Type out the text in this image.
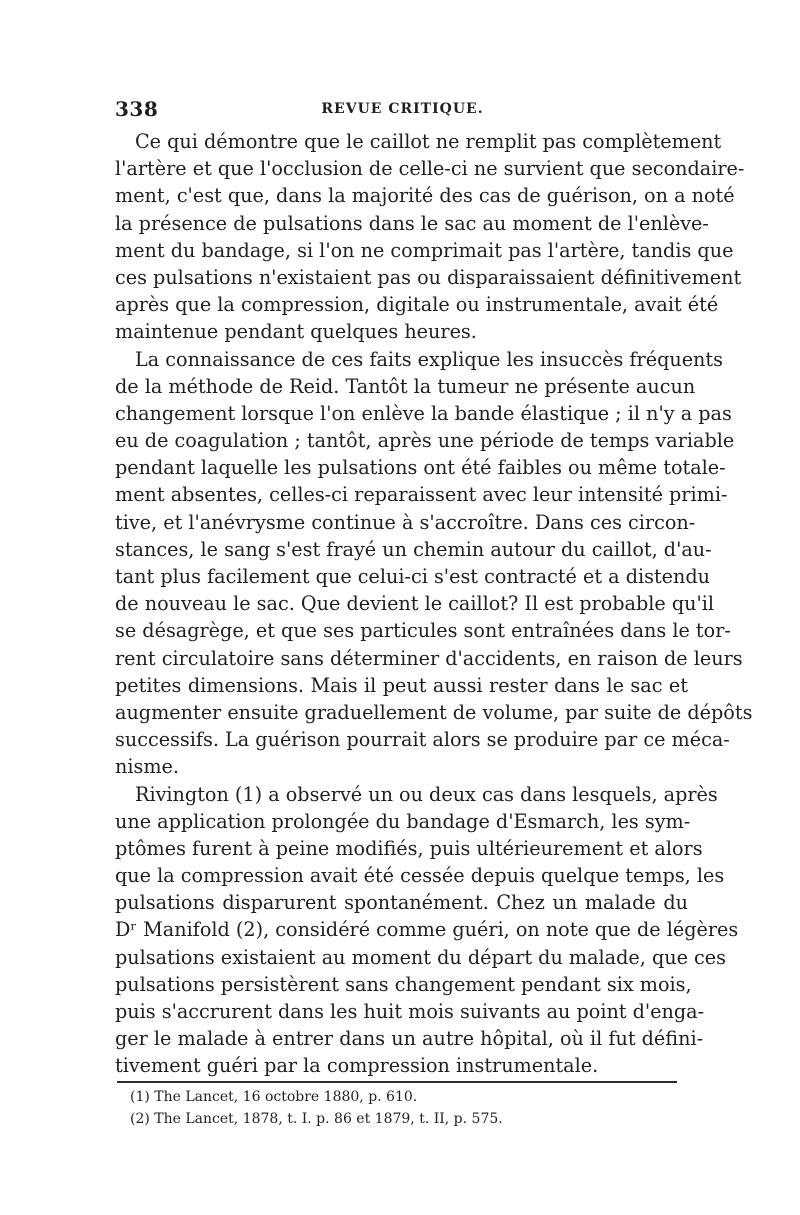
338	REVUE CRITIQUE.
Ce qui démontre que le caillot ne remplit pas complètement
l'artère et que l'occlusion de celle-ci ne survient que secondaire-
ment, c'est que, dans la majorité des cas de guérison, on a noté
la présence de pulsations dans le sac au moment de l'enlève-
ment du bandage, si l'on ne comprimait pas l'artère, tandis que
ces pulsations n'existaient pas ou disparaissaient définitivement
après que la compression, digitale ou instrumentale, avait été
maintenue pendant quelques heures.
La connaissance de ces faits explique les insuccès fréquents
de la méthode de Reid. Tantôt la tumeur ne présente aucun
changement lorsque l'on enlève la bande élastique ; il n'y a pas
eu de coagulation ; tantôt, après une période de temps variable
pendant laquelle les pulsations ont été faibles ou même totale-
ment absentes, celles-ci reparaissent avec leur intensité primi-
tive, et l'anévrysme continue à s'accroître. Dans ces circon-
stances, le sang s'est frayé un chemin autour du caillot, d'au-
tant plus facilement que celui-ci s'est contracté et a distendu
de nouveau le sac. Que devient le caillot? Il est probable qu'il
se désagrège, et que ses particules sont entraînées dans le tor-
rent circulatoire sans déterminer d'accidents, en raison de leurs
petites dimensions. Mais il peut aussi rester dans le sac et
augmenter ensuite graduellement de volume, par suite de dépôts
successifs. La guérison pourrait alors se produire par ce méca-
nisme.
Rivington (1) a observé un ou deux cas dans lesquels, après
une application prolongée du bandage d'Esmarch, les sym-
ptômes furent à peine modifiés, puis ultérieurement et alors
que la compression avait été cessée depuis quelque temps, les
pulsations disparurent spontanément. Chez un malade du
Dʳ Manifold (2), considéré comme guéri, on note que de légères
pulsations existaient au moment du départ du malade, que ces
pulsations persistèrent sans changement pendant six mois,
puis s'accrurent dans les huit mois suivants au point d'enga-
ger le malade à entrer dans un autre hôpital, où il fut défini-
tivement guéri par la compression instrumentale.
(1) The Lancet, 16 octobre 1880, p. 610.
(2) The Lancet, 1878, t. I. p. 86 et 1879, t. II, p. 575.
